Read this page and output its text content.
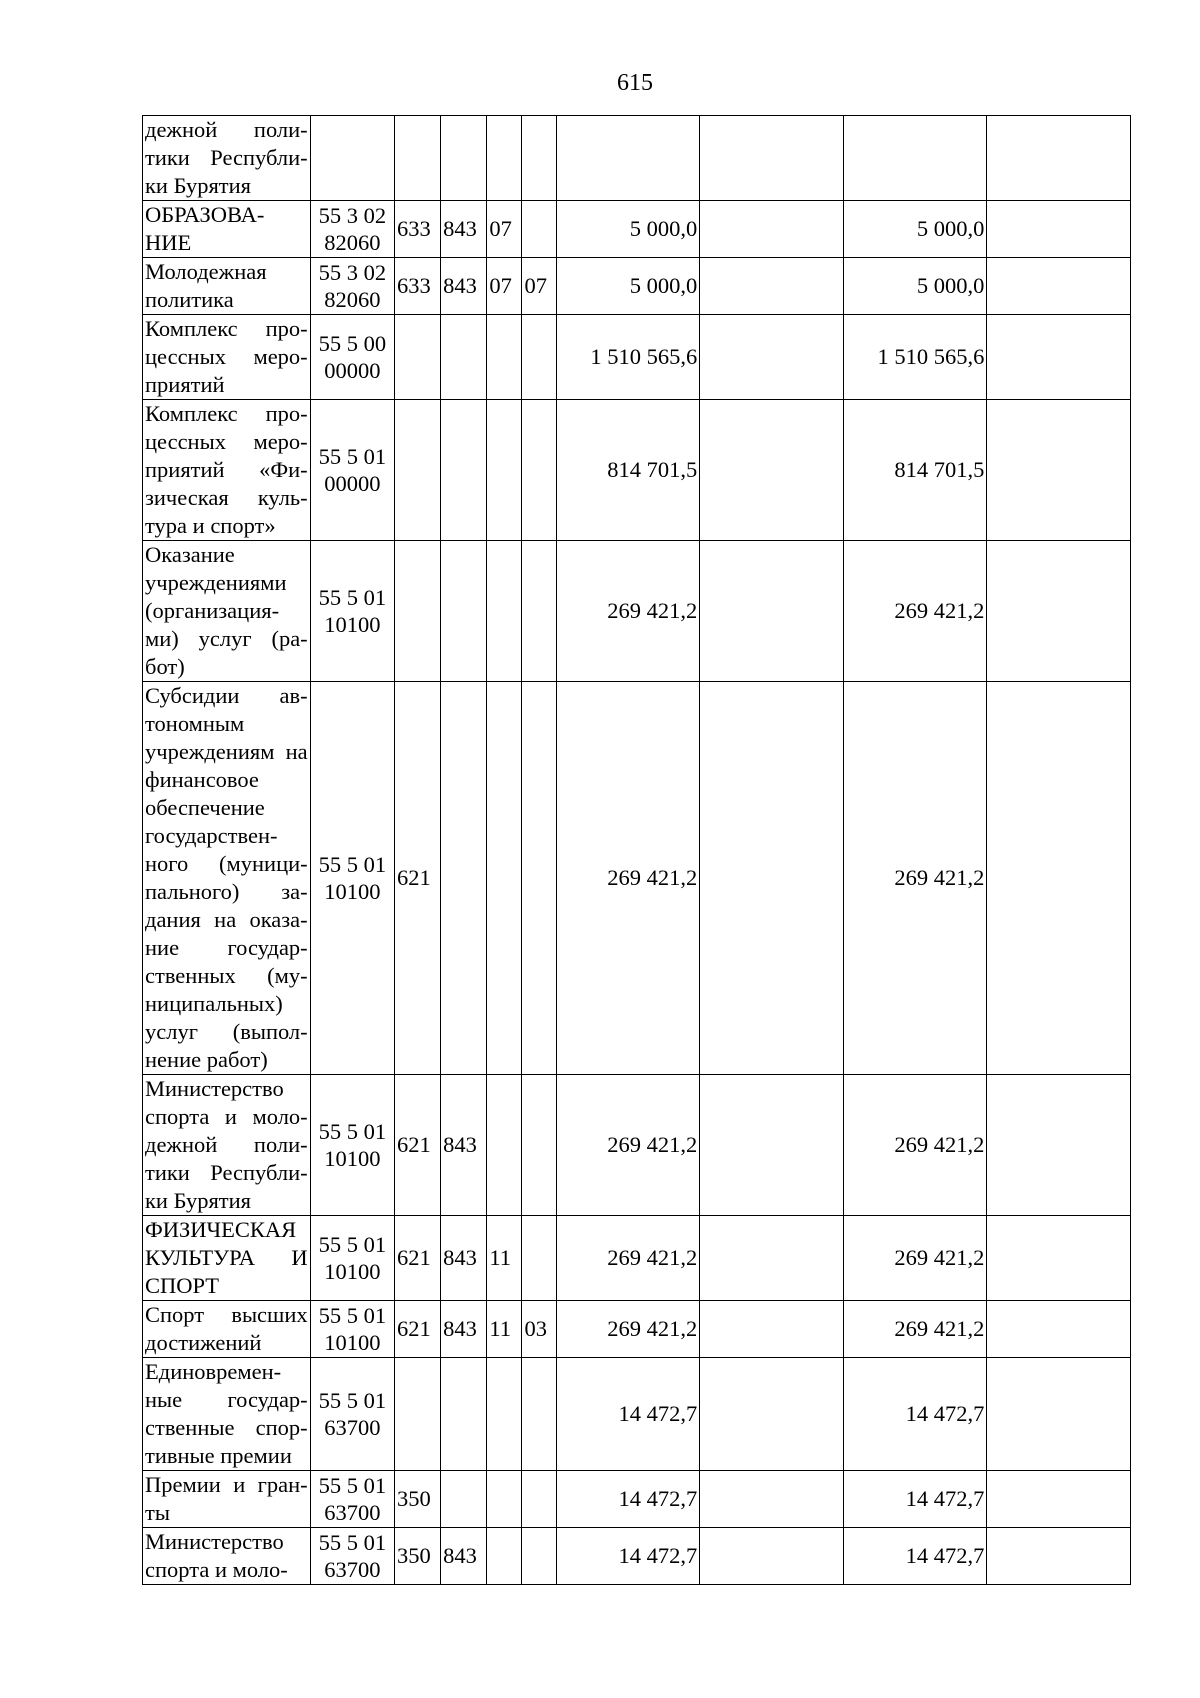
615
дежной поли-тики Республи-ки Бурятия									
ОБРАЗОВА-НИЕ	55 3 02 82060	633	843	07		5 000,0		5 000,0	
Молодежная политика	55 3 02 82060	633	843	07	07	5 000,0		5 000,0	
Комплекс про-цессных меро-приятий	55 5 00 00000					1 510 565,6		1 510 565,6	
Комплекс про-цессных меро-приятий «Фи-зическая куль-тура и спорт»	55 5 01 00000					814 701,5		814 701,5	
Оказание учреждениями (организация-ми) услуг (ра-бот)	55 5 01 10100					269 421,2		269 421,2	
Субсидии ав-тономным учреждениям на финансовое обеспечение государствен-ного (муници-пального) за-дания на оказа-ние государ-ственных (му-ниципальных) услуг (выпол-нение работ)	55 5 01 10100	621				269 421,2		269 421,2	
Министерство спорта и моло-дежной поли-тики Республи-ки Бурятия	55 5 01 10100	621	843			269 421,2		269 421,2	
ФИЗИЧЕСКАЯ КУЛЬТУРА И СПОРТ	55 5 01 10100	621	843	11		269 421,2		269 421,2	
Спорт высших достижений	55 5 01 10100	621	843	11	03	269 421,2		269 421,2	
Единовремен-ные государ-ственные спор-тивные премии	55 5 01 63700					14 472,7		14 472,7	
Премии и гран-ты	55 5 01 63700	350				14 472,7		14 472,7	
Министерство спорта и моло-	55 5 01 63700	350	843			14 472,7		14 472,7	
